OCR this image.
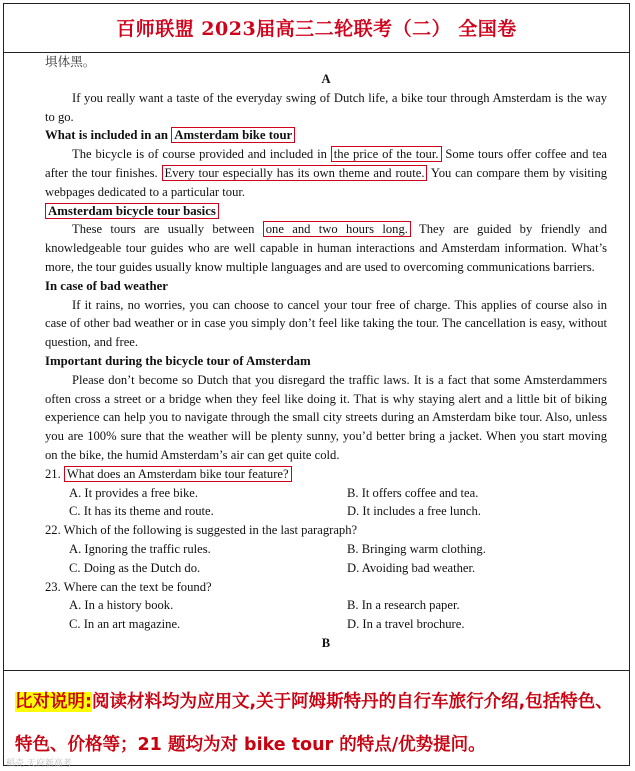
百师联盟 2023届高三二轮联考（二） 全国卷
埧体黑。
A

If you really want a taste of the everyday swing of Dutch life, a bike tour through Amsterdam is the way to go.

What is included in an Amsterdam bike tour

The bicycle is of course provided and included in the price of the tour. Some tours offer coffee and tea after the tour finishes. Every tour especially has its own theme and route. You can compare them by visiting webpages dedicated to a particular tour.

Amsterdam bicycle tour basics

These tours are usually between one and two hours long. They are guided by friendly and knowledgeable tour guides who are well capable in human interactions and Amsterdam information. What’s more, the tour guides usually know multiple languages and are used to overcoming communications barriers.

In case of bad weather

If it rains, no worries, you can choose to cancel your tour free of charge. This applies of course also in case of other bad weather or in case you simply don’t feel like taking the tour. The cancellation is easy, without question, and free.

Important during the bicycle tour of Amsterdam

Please don’t become so Dutch that you disregard the traffic laws. It is a fact that some Amsterdammers often cross a street or a bridge when they feel like doing it. That is why staying alert and a little bit of biking experience can help you to navigate through the small city streets during an Amsterdam bike tour. Also, unless you are 100% sure that the weather will be plenty sunny, you’d better bring a jacket. When you start moving on the bike, the humid Amsterdam’s air can get quite cold.

21. What does an Amsterdam bike tour feature?

A. It provides a free bike.	B. It offers coffee and tea.
C. It has its theme and route.	D. It includes a free lunch.

22. Which of the following is suggested in the last paragraph?

A. Ignoring the traffic rules.	B. Bringing warm clothing.
C. Doing as the Dutch do.	D. Avoiding bad weather.

23. Where can the text be found?

A. In a history book.	B. In a research paper.
C. In an art magazine.	D. In a travel brochure.
B
比对说明:阅读材料均为应用文,关于阿姆斯特丹的自行车旅行介绍,包括特色、特色、价格等；21 题均为对 bike tour 的特点/优势提问。
稻壳 天府新高考
